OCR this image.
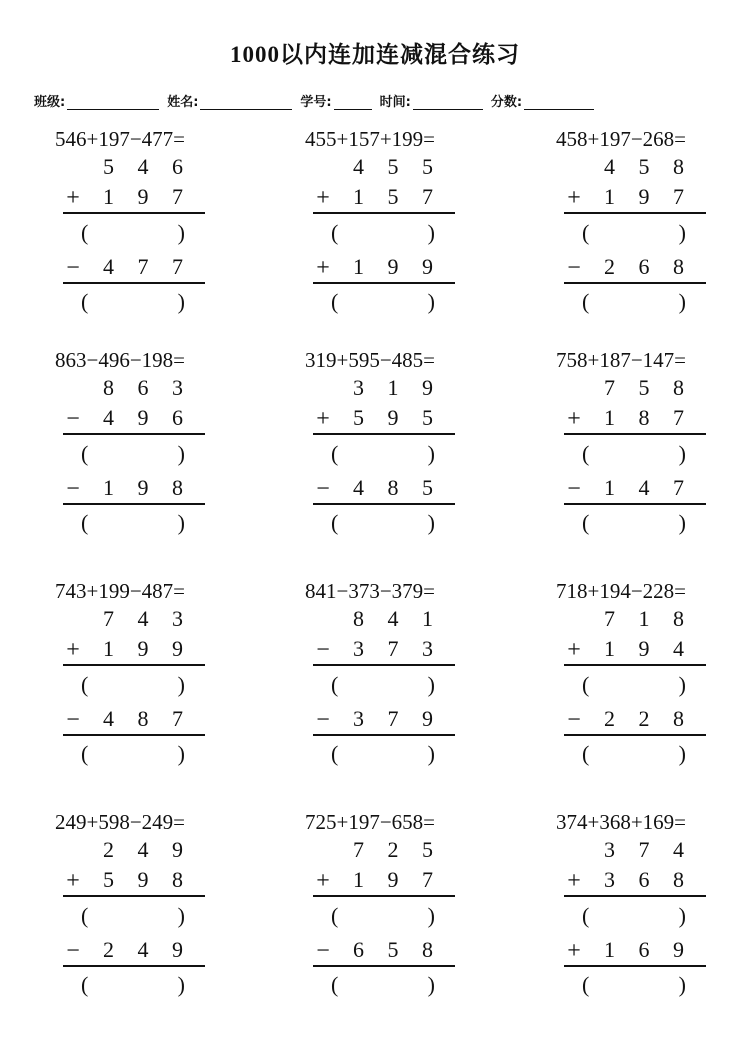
1000以内连加连减混合练习
班级:	姓名:	学号:	时间:	分数:
546+197−477=
5 4 6
+ 1 9 7
(	)
− 4 7 7
(	)
455+157+199=
4 5 5
+ 1 5 7
(	)
+ 1 9 9
(	)
458+197−268=
4 5 8
+ 1 9 7
(	)
− 2 6 8
(	)
863−496−198=
8 6 3
− 4 9 6
(	)
− 1 9 8
(	)
319+595−485=
3 1 9
+ 5 9 5
(	)
− 4 8 5
(	)
758+187−147=
7 5 8
+ 1 8 7
(	)
− 1 4 7
(	)
743+199−487=
7 4 3
+ 1 9 9
(	)
− 4 8 7
(	)
841−373−379=
8 4 1
− 3 7 3
(	)
− 3 7 9
(	)
718+194−228=
7 1 8
+ 1 9 4
(	)
− 2 2 8
(	)
249+598−249=
2 4 9
+ 5 9 8
(	)
− 2 4 9
(	)
725+197−658=
7 2 5
+ 1 9 7
(	)
− 6 5 8
(	)
374+368+169=
3 7 4
+ 3 6 8
(	)
+ 1 6 9
(	)
